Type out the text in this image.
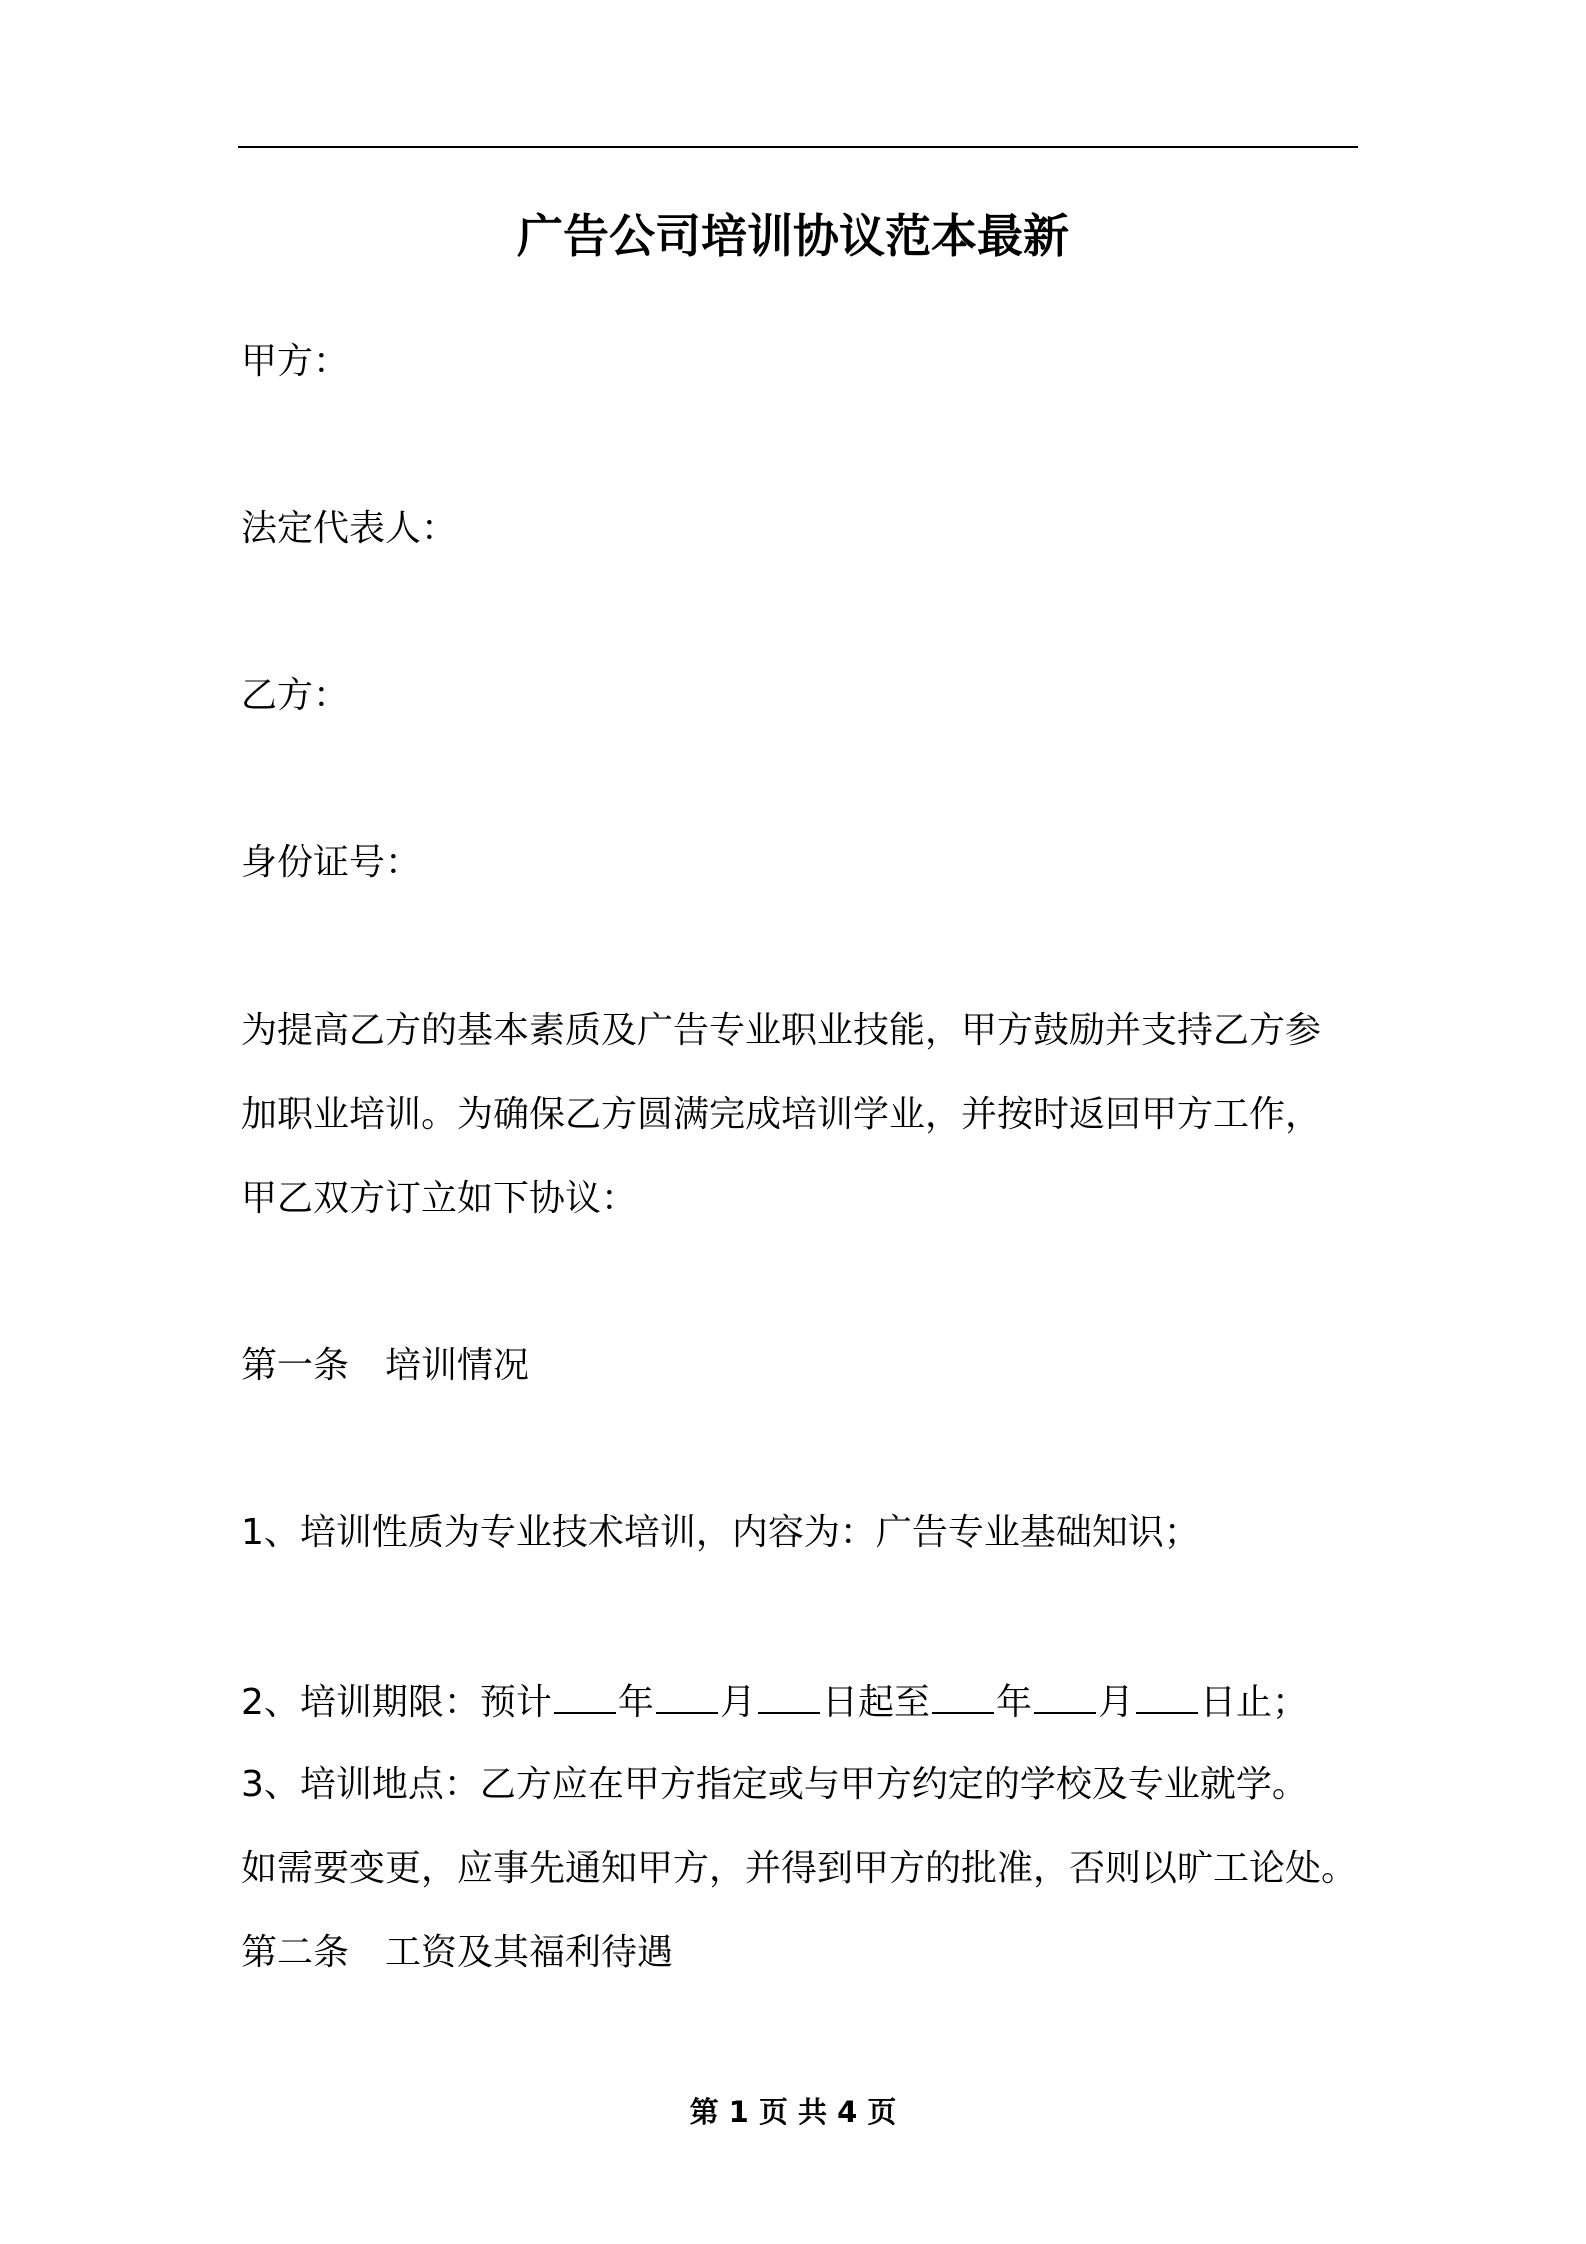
广告公司培训协议范本最新
甲方：
法定代表人：
乙方：
身份证号：
为提高乙方的基本素质及广告专业职业技能，甲方鼓励并支持乙方参
加职业培训。为确保乙方圆满完成培训学业，并按时返回甲方工作，
甲乙双方订立如下协议：
第一条　培训情况
1、培训性质为专业技术培训，内容为：广告专业基础知识；
2、培训期限：预计 年 月 日起至 年 月 日止；
3、培训地点：乙方应在甲方指定或与甲方约定的学校及专业就学。
如需要变更，应事先通知甲方，并得到甲方的批准，否则以旷工论处。
第二条　工资及其福利待遇
第 1 页 共 4 页
